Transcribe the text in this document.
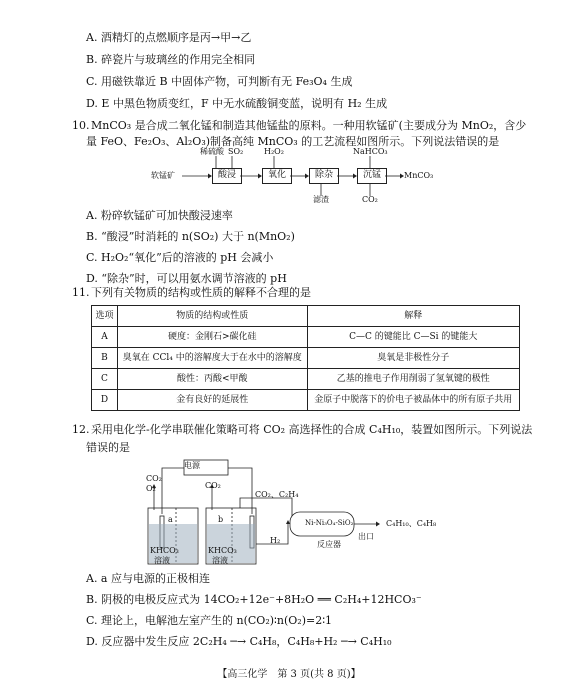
A. 酒精灯的点燃顺序是丙→甲→乙
B. 碎瓷片与玻璃丝的作用完全相同
C. 用磁铁靠近 B 中固体产物，可判断有无 Fe₃O₄ 生成
D. E 中黑色物质变红，F 中无水硫酸铜变蓝，说明有 H₂ 生成
10. MnCO₃ 是合成二氧化锰和制造其他锰盐的原料。一种用软锰矿(主要成分为 MnO₂，含少
量 FeO、Fe₂O₃、Al₂O₃)制备高纯 MnCO₃ 的工艺流程如图所示。下列说法错误的是
软锰矿	酸浸	氧化	除杂	沉锰	MnCO₃
稀硫酸 SO₂	H₂O₂	NaHCO₃
滤渣	CO₂
A. 粉碎软锰矿可加快酸浸速率
B. “酸浸”时消耗的 n(SO₂) 大于 n(MnO₂)
C. H₂O₂“氧化”后的溶液的 pH 会减小
D. “除杂”时，可以用氨水调节溶液的 pH
11. 下列有关物质的结构或性质的解释不合理的是
选项	物质的结构或性质	解释
A	硬度：金刚石>碳化硅	C—C 的键能比 C—Si 的键能大
B	臭氧在 CCl₄ 中的溶解度大于在水中的溶解度	臭氧是非极性分子
C	酸性：丙酸<甲酸	乙基的推电子作用削弱了氢氧键的极性
D	金有良好的延展性	金原子中脱落下的价电子被晶体中的所有原子共用
12. 采用电化学-化学串联催化策略可将 CO₂ 高选择性的合成 C₄H₁₀，装置如图所示。下列说法
错误的是
电源
CO₂
O₂	CO₂
CO₂、C₂H₄
a	b
KHCO₃
溶液
KHCO₃
溶液
H₂
Ni-Ni₃O₄-SiO₂
反应器
出口
C₄H₁₀、C₄H₈
A. a 应与电源的正极相连
B. 阴极的电极反应式为 14CO₂+12e⁻+8H₂O ══ C₂H₄+12HCO₃⁻
C. 理论上，电解池左室产生的 n(CO₂)∶n(O₂)=2∶1
D. 反应器中发生反应 2C₂H₄ ─→ C₄H₈，C₄H₈+H₂ ─→ C₄H₁₀
【高三化学　第 3 页(共 8 页)】
